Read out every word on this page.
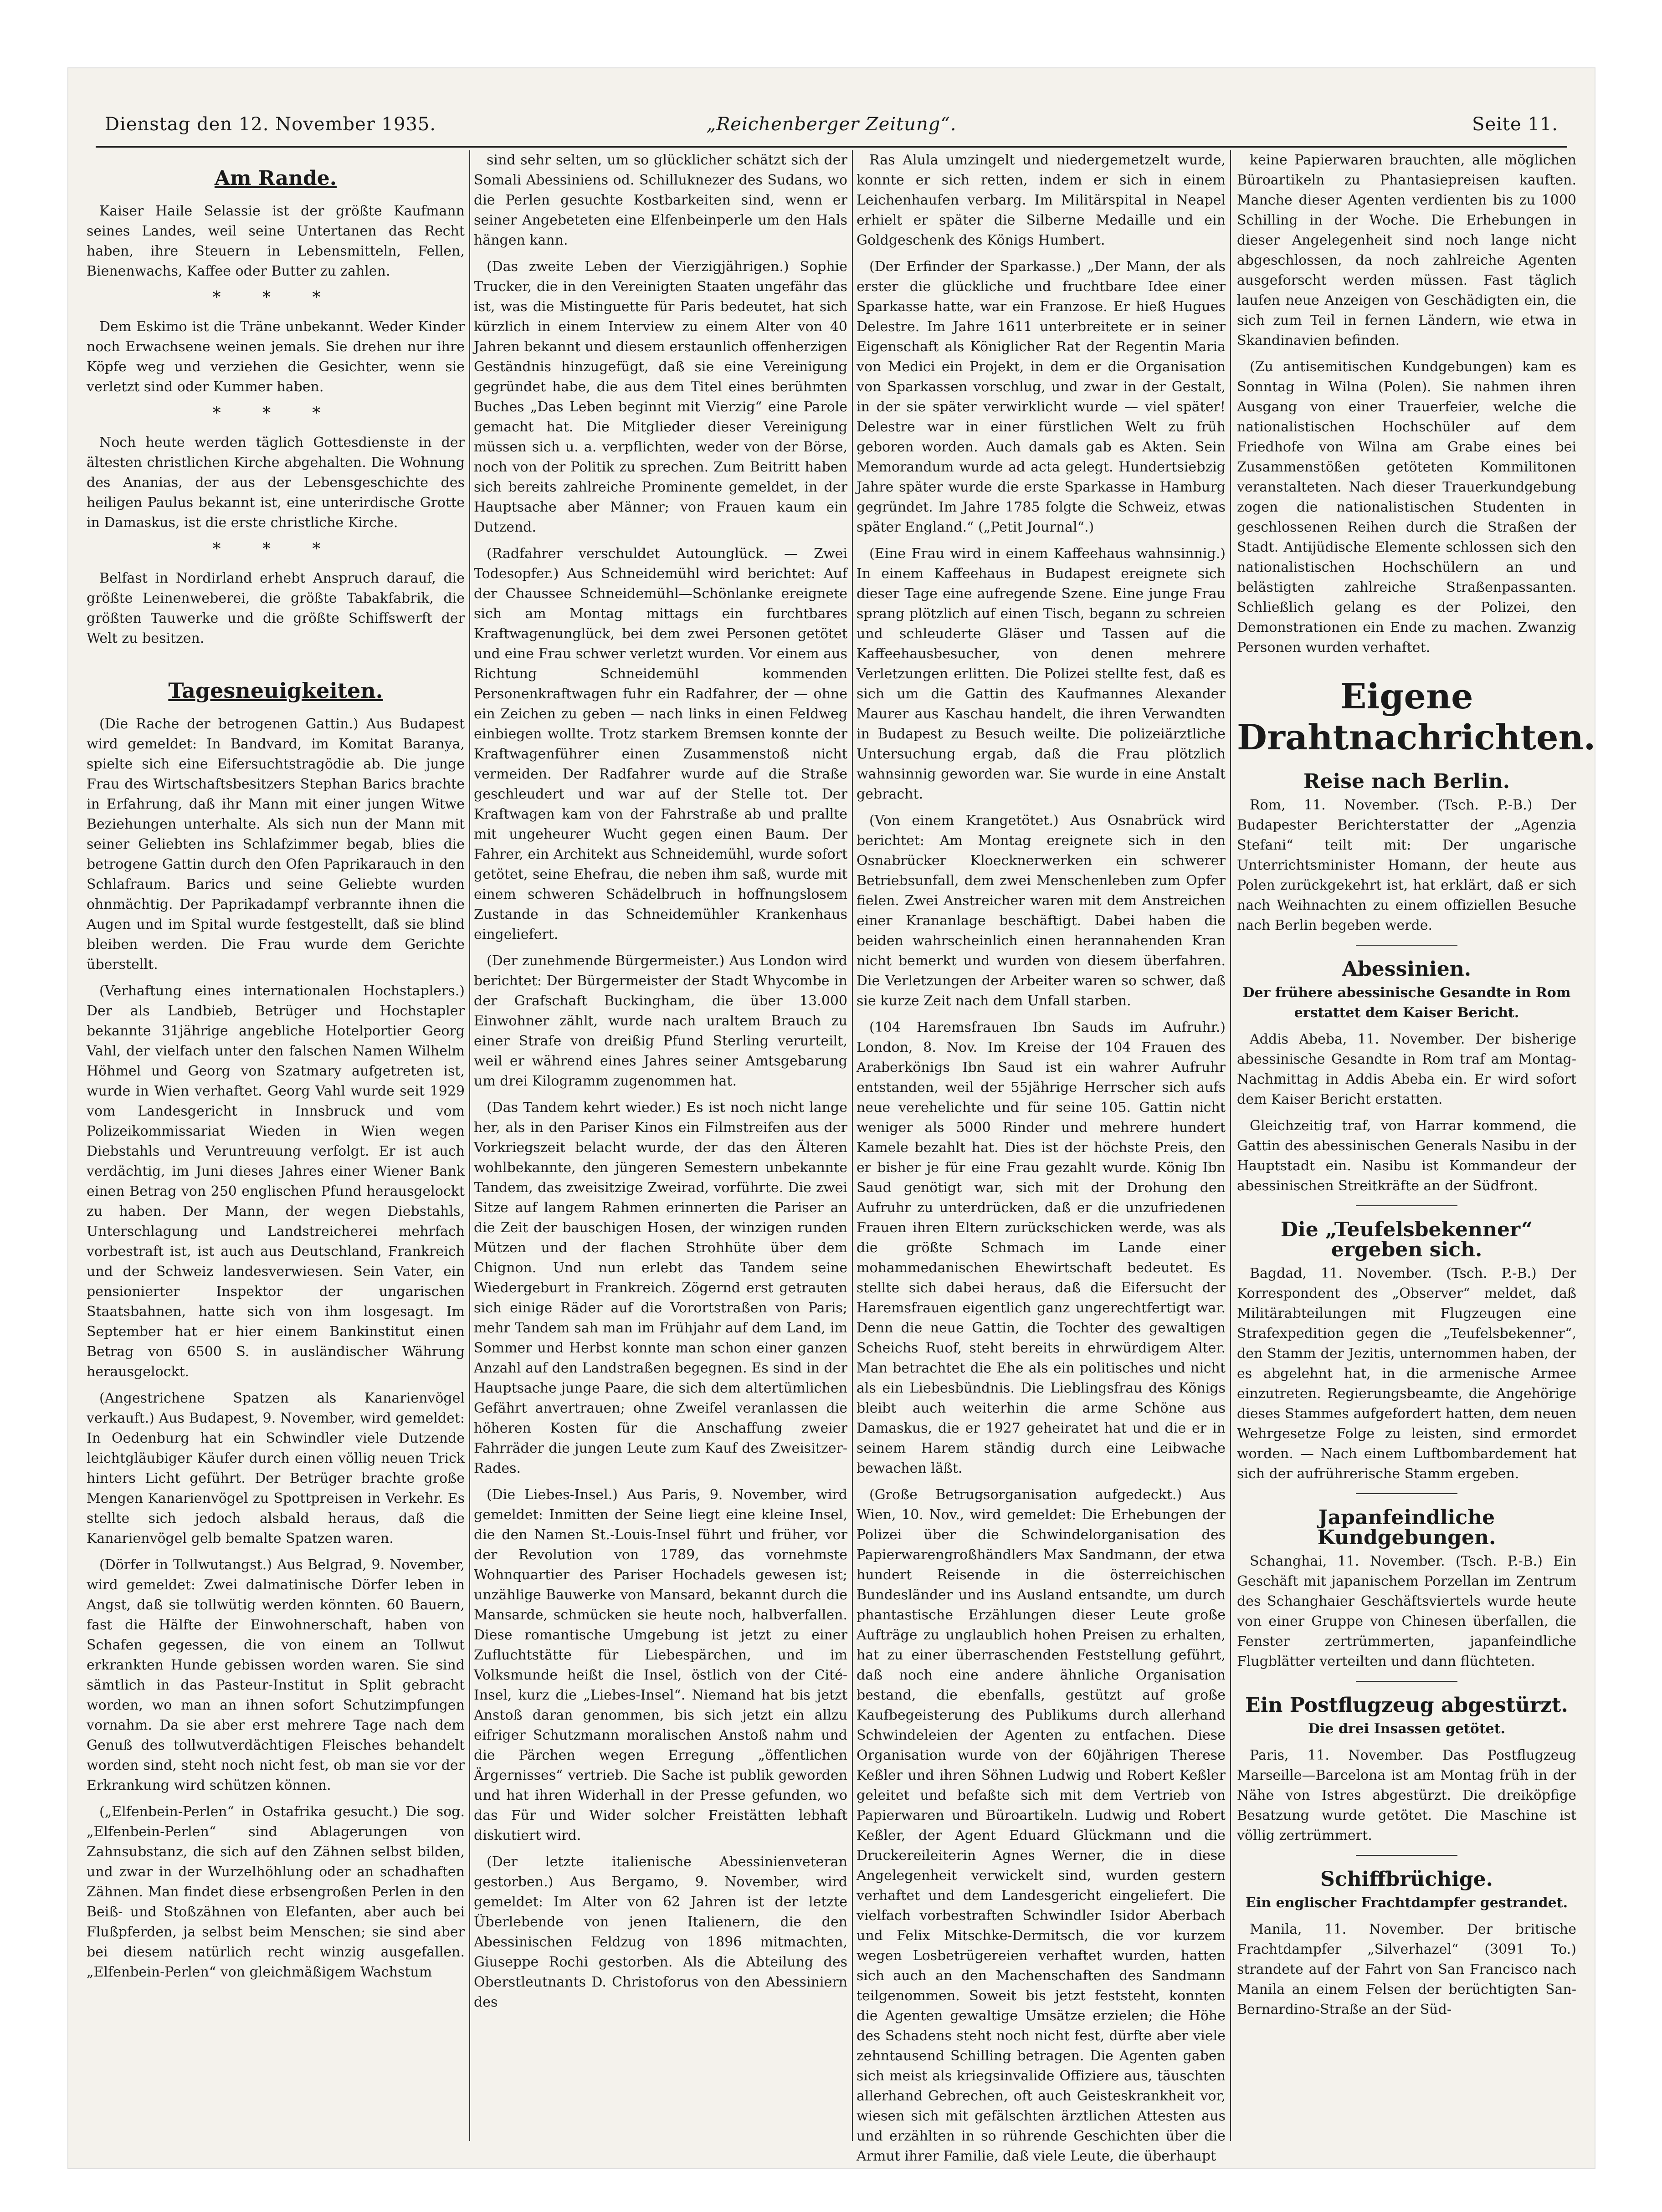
Dienstag den 12. November 1935.	„Reichenberger Zeitung“.	Seite 11.
Am Rande.

Kaiser Haile Selassie ist der größte Kaufmann seines Landes, weil seine Untertanen das Recht haben, ihre Steuern in Lebensmitteln, Fellen, Bienenwachs, Kaffee oder Butter zu zahlen.

* * *

Dem Eskimo ist die Träne unbekannt. Weder Kinder noch Erwachsene weinen jemals. Sie drehen nur ihre Köpfe weg und verziehen die Gesichter, wenn sie verletzt sind oder Kummer haben.

* * *

Noch heute werden täglich Gottesdienste in der ältesten christlichen Kirche abgehalten. Die Wohnung des Ananias, der aus der Lebensgeschichte des heiligen Paulus bekannt ist, eine unterirdische Grotte in Damaskus, ist die erste christliche Kirche.

* * *

Belfast in Nordirland erhebt Anspruch darauf, die größte Leinenweberei, die größte Tabakfabrik, die größten Tauwerke und die größte Schiffswerft der Welt zu besitzen.

Tagesneuigkeiten.

(Die Rache der betrogenen Gattin.) Aus Budapest wird gemeldet: In Bandvard, im Komitat Baranya, spielte sich eine Eifersuchtstragödie ab. Die junge Frau des Wirtschaftsbesitzers Stephan Barics brachte in Erfahrung, daß ihr Mann mit einer jungen Witwe Beziehungen unterhalte. Als sich nun der Mann mit seiner Geliebten ins Schlafzimmer begab, blies die betrogene Gattin durch den Ofen Paprikarauch in den Schlafraum. Barics und seine Geliebte wurden ohnmächtig. Der Paprikadampf verbrannte ihnen die Augen und im Spital wurde festgestellt, daß sie blind bleiben werden. Die Frau wurde dem Gerichte überstellt.

(Verhaftung eines internationalen Hochstaplers.) Der als Landbieb, Betrüger und Hochstapler bekannte 31jährige angebliche Hotelportier Georg Vahl, der vielfach unter den falschen Namen Wilhelm Höhmel und Georg von Szatmary aufgetreten ist, wurde in Wien verhaftet. Georg Vahl wurde seit 1929 vom Landesgericht in Innsbruck und vom Polizeikommissariat Wieden in Wien wegen Diebstahls und Veruntreuung verfolgt. Er ist auch verdächtig, im Juni dieses Jahres einer Wiener Bank einen Betrag von 250 englischen Pfund herausgelockt zu haben. Der Mann, der wegen Diebstahls, Unterschlagung und Landstreicherei mehrfach vorbestraft ist, ist auch aus Deutschland, Frankreich und der Schweiz landesverwiesen. Sein Vater, ein pensionierter Inspektor der ungarischen Staatsbahnen, hatte sich von ihm losgesagt. Im September hat er hier einem Bankinstitut einen Betrag von 6500 S. in ausländischer Währung herausgelockt.

(Angestrichene Spatzen als Kanarienvögel verkauft.) Aus Budapest, 9. November, wird gemeldet: In Oedenburg hat ein Schwindler viele Dutzende leichtgläubiger Käufer durch einen völlig neuen Trick hinters Licht geführt. Der Betrüger brachte große Mengen Kanarienvögel zu Spottpreisen in Verkehr. Es stellte sich jedoch alsbald heraus, daß die Kanarienvögel gelb bemalte Spatzen waren.

(Dörfer in Tollwutangst.) Aus Belgrad, 9. November, wird gemeldet: Zwei dalmatinische Dörfer leben in Angst, daß sie tollwütig werden könnten. 60 Bauern, fast die Hälfte der Einwohnerschaft, haben von Schafen gegessen, die von einem an Tollwut erkrankten Hunde gebissen worden waren. Sie sind sämtlich in das Pasteur-Institut in Split gebracht worden, wo man an ihnen sofort Schutzimpfungen vornahm. Da sie aber erst mehrere Tage nach dem Genuß des tollwutverdächtigen Fleisches behandelt worden sind, steht noch nicht fest, ob man sie vor der Erkrankung wird schützen können.

(„Elfenbein-Perlen“ in Ostafrika gesucht.) Die sog. „Elfenbein-Perlen“ sind Ablagerungen von Zahnsubstanz, die sich auf den Zähnen selbst bilden, und zwar in der Wurzelhöhlung oder an schadhaften Zähnen. Man findet diese erbsengroßen Perlen in den Beiß- und Stoßzähnen von Elefanten, aber auch bei Flußpferden, ja selbst beim Menschen; sie sind aber bei diesem natürlich recht winzig ausgefallen. „Elfenbein-Perlen“ von gleichmäßigem Wachstum

sind sehr selten, um so glücklicher schätzt sich der Somali Abessiniens od. Schilluknezer des Sudans, wo die Perlen gesuchte Kostbarkeiten sind, wenn er seiner Angebeteten eine Elfenbeinperle um den Hals hängen kann.

(Das zweite Leben der Vierzigjährigen.) Sophie Trucker, die in den Vereinigten Staaten ungefähr das ist, was die Mistinguette für Paris bedeutet, hat sich kürzlich in einem Interview zu einem Alter von 40 Jahren bekannt und diesem erstaunlich offenherzigen Geständnis hinzugefügt, daß sie eine Vereinigung gegründet habe, die aus dem Titel eines berühmten Buches „Das Leben beginnt mit Vierzig“ eine Parole gemacht hat. Die Mitglieder dieser Vereinigung müssen sich u. a. verpflichten, weder von der Börse, noch von der Politik zu sprechen. Zum Beitritt haben sich bereits zahlreiche Prominente gemeldet, in der Hauptsache aber Männer; von Frauen kaum ein Dutzend.

(Radfahrer verschuldet Autounglück. — Zwei Todesopfer.) Aus Schneidemühl wird berichtet: Auf der Chaussee Schneidemühl—Schönlanke ereignete sich am Montag mittags ein furchtbares Kraftwagenunglück, bei dem zwei Personen getötet und eine Frau schwer verletzt wurden. Vor einem aus Richtung Schneidemühl kommenden Personenkraftwagen fuhr ein Radfahrer, der — ohne ein Zeichen zu geben — nach links in einen Feldweg einbiegen wollte. Trotz starkem Bremsen konnte der Kraftwagenführer einen Zusammenstoß nicht vermeiden. Der Radfahrer wurde auf die Straße geschleudert und war auf der Stelle tot. Der Kraftwagen kam von der Fahrstraße ab und prallte mit ungeheurer Wucht gegen einen Baum. Der Fahrer, ein Architekt aus Schneidemühl, wurde sofort getötet, seine Ehefrau, die neben ihm saß, wurde mit einem schweren Schädelbruch in hoffnungslosem Zustande in das Schneidemühler Krankenhaus eingeliefert.

(Der zunehmende Bürgermeister.) Aus London wird berichtet: Der Bürgermeister der Stadt Whycombe in der Grafschaft Buckingham, die über 13.000 Einwohner zählt, wurde nach uraltem Brauch zu einer Strafe von dreißig Pfund Sterling verurteilt, weil er während eines Jahres seiner Amtsgebarung um drei Kilogramm zugenommen hat.

(Das Tandem kehrt wieder.) Es ist noch nicht lange her, als in den Pariser Kinos ein Filmstreifen aus der Vorkriegszeit belacht wurde, der das den Älteren wohlbekannte, den jüngeren Semestern unbekannte Tandem, das zweisitzige Zweirad, vorführte. Die zwei Sitze auf langem Rahmen erinnerten die Pariser an die Zeit der bauschigen Hosen, der winzigen runden Mützen und der flachen Strohhüte über dem Chignon. Und nun erlebt das Tandem seine Wiedergeburt in Frankreich. Zögernd erst getrauten sich einige Räder auf die Vorortstraßen von Paris; mehr Tandem sah man im Frühjahr auf dem Land, im Sommer und Herbst konnte man schon einer ganzen Anzahl auf den Landstraßen begegnen. Es sind in der Hauptsache junge Paare, die sich dem altertümlichen Gefährt anvertrauen; ohne Zweifel veranlassen die höheren Kosten für die Anschaffung zweier Fahrräder die jungen Leute zum Kauf des Zweisitzer-Rades.

(Die Liebes-Insel.) Aus Paris, 9. November, wird gemeldet: Inmitten der Seine liegt eine kleine Insel, die den Namen St.-Louis-Insel führt und früher, vor der Revolution von 1789, das vornehmste Wohnquartier des Pariser Hochadels gewesen ist; unzählige Bauwerke von Mansard, bekannt durch die Mansarde, schmücken sie heute noch, halbverfallen. Diese romantische Umgebung ist jetzt zu einer Zufluchtstätte für Liebespärchen, und im Volksmunde heißt die Insel, östlich von der Cité-Insel, kurz die „Liebes-Insel“. Niemand hat bis jetzt Anstoß daran genommen, bis sich jetzt ein allzu eifriger Schutzmann moralischen Anstoß nahm und die Pärchen wegen Erregung „öffentlichen Ärgernisses“ vertrieb. Die Sache ist publik geworden und hat ihren Widerhall in der Presse gefunden, wo das Für und Wider solcher Freistätten lebhaft diskutiert wird.

(Der letzte italienische Abessinienveteran gestorben.) Aus Bergamo, 9. November, wird gemeldet: Im Alter von 62 Jahren ist der letzte Überlebende von jenen Italienern, die den Abessinischen Feldzug von 1896 mitmachten, Giuseppe Rochi gestorben. Als die Abteilung des Oberstleutnants D. Christoforus von den Abessiniern des

Ras Alula umzingelt und niedergemetzelt wurde, konnte er sich retten, indem er sich in einem Leichenhaufen verbarg. Im Militärspital in Neapel erhielt er später die Silberne Medaille und ein Goldgeschenk des Königs Humbert.

(Der Erfinder der Sparkasse.) „Der Mann, der als erster die glückliche und fruchtbare Idee einer Sparkasse hatte, war ein Franzose. Er hieß Hugues Delestre. Im Jahre 1611 unterbreitete er in seiner Eigenschaft als Königlicher Rat der Regentin Maria von Medici ein Projekt, in dem er die Organisation von Sparkassen vorschlug, und zwar in der Gestalt, in der sie später verwirklicht wurde — viel später! Delestre war in einer fürstlichen Welt zu früh geboren worden. Auch damals gab es Akten. Sein Memorandum wurde ad acta gelegt. Hundertsiebzig Jahre später wurde die erste Sparkasse in Hamburg gegründet. Im Jahre 1785 folgte die Schweiz, etwas später England.“ („Petit Journal“.)

(Eine Frau wird in einem Kaffeehaus wahnsinnig.) In einem Kaffeehaus in Budapest ereignete sich dieser Tage eine aufregende Szene. Eine junge Frau sprang plötzlich auf einen Tisch, begann zu schreien und schleuderte Gläser und Tassen auf die Kaffeehausbesucher, von denen mehrere Verletzungen erlitten. Die Polizei stellte fest, daß es sich um die Gattin des Kaufmannes Alexander Maurer aus Kaschau handelt, die ihren Verwandten in Budapest zu Besuch weilte. Die polizeiärztliche Untersuchung ergab, daß die Frau plötzlich wahnsinnig geworden war. Sie wurde in eine Anstalt gebracht.

(Von einem Krangetötet.) Aus Osnabrück wird berichtet: Am Montag ereignete sich in den Osnabrücker Kloecknerwerken ein schwerer Betriebsunfall, dem zwei Menschenleben zum Opfer fielen. Zwei Anstreicher waren mit dem Anstreichen einer Krananlage beschäftigt. Dabei haben die beiden wahrscheinlich einen herannahenden Kran nicht bemerkt und wurden von diesem überfahren. Die Verletzungen der Arbeiter waren so schwer, daß sie kurze Zeit nach dem Unfall starben.

(104 Haremsfrauen Ibn Sauds im Aufruhr.) London, 8. Nov. Im Kreise der 104 Frauen des Araberkönigs Ibn Saud ist ein wahrer Aufruhr entstanden, weil der 55jährige Herrscher sich aufs neue verehelichte und für seine 105. Gattin nicht weniger als 5000 Rinder und mehrere hundert Kamele bezahlt hat. Dies ist der höchste Preis, den er bisher je für eine Frau gezahlt wurde. König Ibn Saud genötigt war, sich mit der Drohung den Aufruhr zu unterdrücken, daß er die unzufriedenen Frauen ihren Eltern zurückschicken werde, was als die größte Schmach im Lande einer mohammedanischen Ehewirtschaft bedeutet. Es stellte sich dabei heraus, daß die Eifersucht der Haremsfrauen eigentlich ganz ungerechtfertigt war. Denn die neue Gattin, die Tochter des gewaltigen Scheichs Ruof, steht bereits in ehrwürdigem Alter. Man betrachtet die Ehe als ein politisches und nicht als ein Liebesbündnis. Die Lieblingsfrau des Königs bleibt auch weiterhin die arme Schöne aus Damaskus, die er 1927 geheiratet hat und die er in seinem Harem ständig durch eine Leibwache bewachen läßt.

(Große Betrugsorganisation aufgedeckt.) Aus Wien, 10. Nov., wird gemeldet: Die Erhebungen der Polizei über die Schwindelorganisation des Papierwarengroßhändlers Max Sandmann, der etwa hundert Reisende in die österreichischen Bundesländer und ins Ausland entsandte, um durch phantastische Erzählungen dieser Leute große Aufträge zu unglaublich hohen Preisen zu erhalten, hat zu einer überraschenden Feststellung geführt, daß noch eine andere ähnliche Organisation bestand, die ebenfalls, gestützt auf große Kaufbegeisterung des Publikums durch allerhand Schwindeleien der Agenten zu entfachen. Diese Organisation wurde von der 60jährigen Therese Keßler und ihren Söhnen Ludwig und Robert Keßler geleitet und befaßte sich mit dem Vertrieb von Papierwaren und Büroartikeln. Ludwig und Robert Keßler, der Agent Eduard Glückmann und die Druckereileiterin Agnes Werner, die in diese Angelegenheit verwickelt sind, wurden gestern verhaftet und dem Landesgericht eingeliefert. Die vielfach vorbestraften Schwindler Isidor Aberbach und Felix Mitschke-Dermitsch, die vor kurzem wegen Losbetrügereien verhaftet wurden, hatten sich auch an den Machenschaften des Sandmann teilgenommen. Soweit bis jetzt feststeht, konnten die Agenten gewaltige Umsätze erzielen; die Höhe des Schadens steht noch nicht fest, dürfte aber viele zehntausend Schilling betragen. Die Agenten gaben sich meist als kriegsinvalide Offiziere aus, täuschten allerhand Gebrechen, oft auch Geisteskrankheit vor, wiesen sich mit gefälschten ärztlichen Attesten aus und erzählten in so rührende Geschichten über die Armut ihrer Familie, daß viele Leute, die überhaupt

keine Papierwaren brauchten, alle möglichen Büroartikeln zu Phantasiepreisen kauften. Manche dieser Agenten verdienten bis zu 1000 Schilling in der Woche. Die Erhebungen in dieser Angelegenheit sind noch lange nicht abgeschlossen, da noch zahlreiche Agenten ausgeforscht werden müssen. Fast täglich laufen neue Anzeigen von Geschädigten ein, die sich zum Teil in fernen Ländern, wie etwa in Skandinavien befinden.

(Zu antisemitischen Kundgebungen) kam es Sonntag in Wilna (Polen). Sie nahmen ihren Ausgang von einer Trauerfeier, welche die nationalistischen Hochschüler auf dem Friedhofe von Wilna am Grabe eines bei Zusammenstößen getöteten Kommilitonen veranstalteten. Nach dieser Trauerkundgebung zogen die nationalistischen Studenten in geschlossenen Reihen durch die Straßen der Stadt. Antijüdische Elemente schlossen sich den nationalistischen Hochschülern an und belästigten zahlreiche Straßenpassanten. Schließlich gelang es der Polizei, den Demonstrationen ein Ende zu machen. Zwanzig Personen wurden verhaftet.

Eigene Drahtnachrichten.
Reise nach Berlin.

Rom, 11. November. (Tsch. P.-B.) Der Budapester Berichterstatter der „Agenzia Stefani“ teilt mit: Der ungarische Unterrichtsminister Homann, der heute aus Polen zurückgekehrt ist, hat erklärt, daß er sich nach Weihnachten zu einem offiziellen Besuche nach Berlin begeben werde.

Abessinien.
Der frühere abessinische Gesandte in Rom erstattet dem Kaiser Bericht.

Addis Abeba, 11. November. Der bisherige abessinische Gesandte in Rom traf am Montag-Nachmittag in Addis Abeba ein. Er wird sofort dem Kaiser Bericht erstatten.

Gleichzeitig traf, von Harrar kommend, die Gattin des abessinischen Generals Nasibu in der Hauptstadt ein. Nasibu ist Kommandeur der abessinischen Streitkräfte an der Südfront.

Die „Teufelsbekenner“ ergeben sich.

Bagdad, 11. November. (Tsch. P.-B.) Der Korrespondent des „Observer“ meldet, daß Militärabteilungen mit Flugzeugen eine Strafexpedition gegen die „Teufelsbekenner“, den Stamm der Jezitis, unternommen haben, der es abgelehnt hat, in die armenische Armee einzutreten. Regierungsbeamte, die Angehörige dieses Stammes aufgefordert hatten, dem neuen Wehrgesetze Folge zu leisten, sind ermordet worden. — Nach einem Luftbombardement hat sich der aufrührerische Stamm ergeben.

Japanfeindliche Kundgebungen.

Schanghai, 11. November. (Tsch. P.-B.) Ein Geschäft mit japanischem Porzellan im Zentrum des Schanghaier Geschäftsviertels wurde heute von einer Gruppe von Chinesen überfallen, die Fenster zertrümmerten, japanfeindliche Flugblätter verteilten und dann flüchteten.

Ein Postflugzeug abgestürzt.
Die drei Insassen getötet.

Paris, 11. November. Das Postflugzeug Marseille—Barcelona ist am Montag früh in der Nähe von Istres abgestürzt. Die dreiköpfige Besatzung wurde getötet. Die Maschine ist völlig zertrümmert.

Schiffbrüchige.
Ein englischer Frachtdampfer gestrandet.

Manila, 11. November. Der britische Frachtdampfer „Silverhazel“ (3091 To.) strandete auf der Fahrt von San Francisco nach Manila an einem Felsen der berüchtigten San-Bernardino-Straße an der Süd-
